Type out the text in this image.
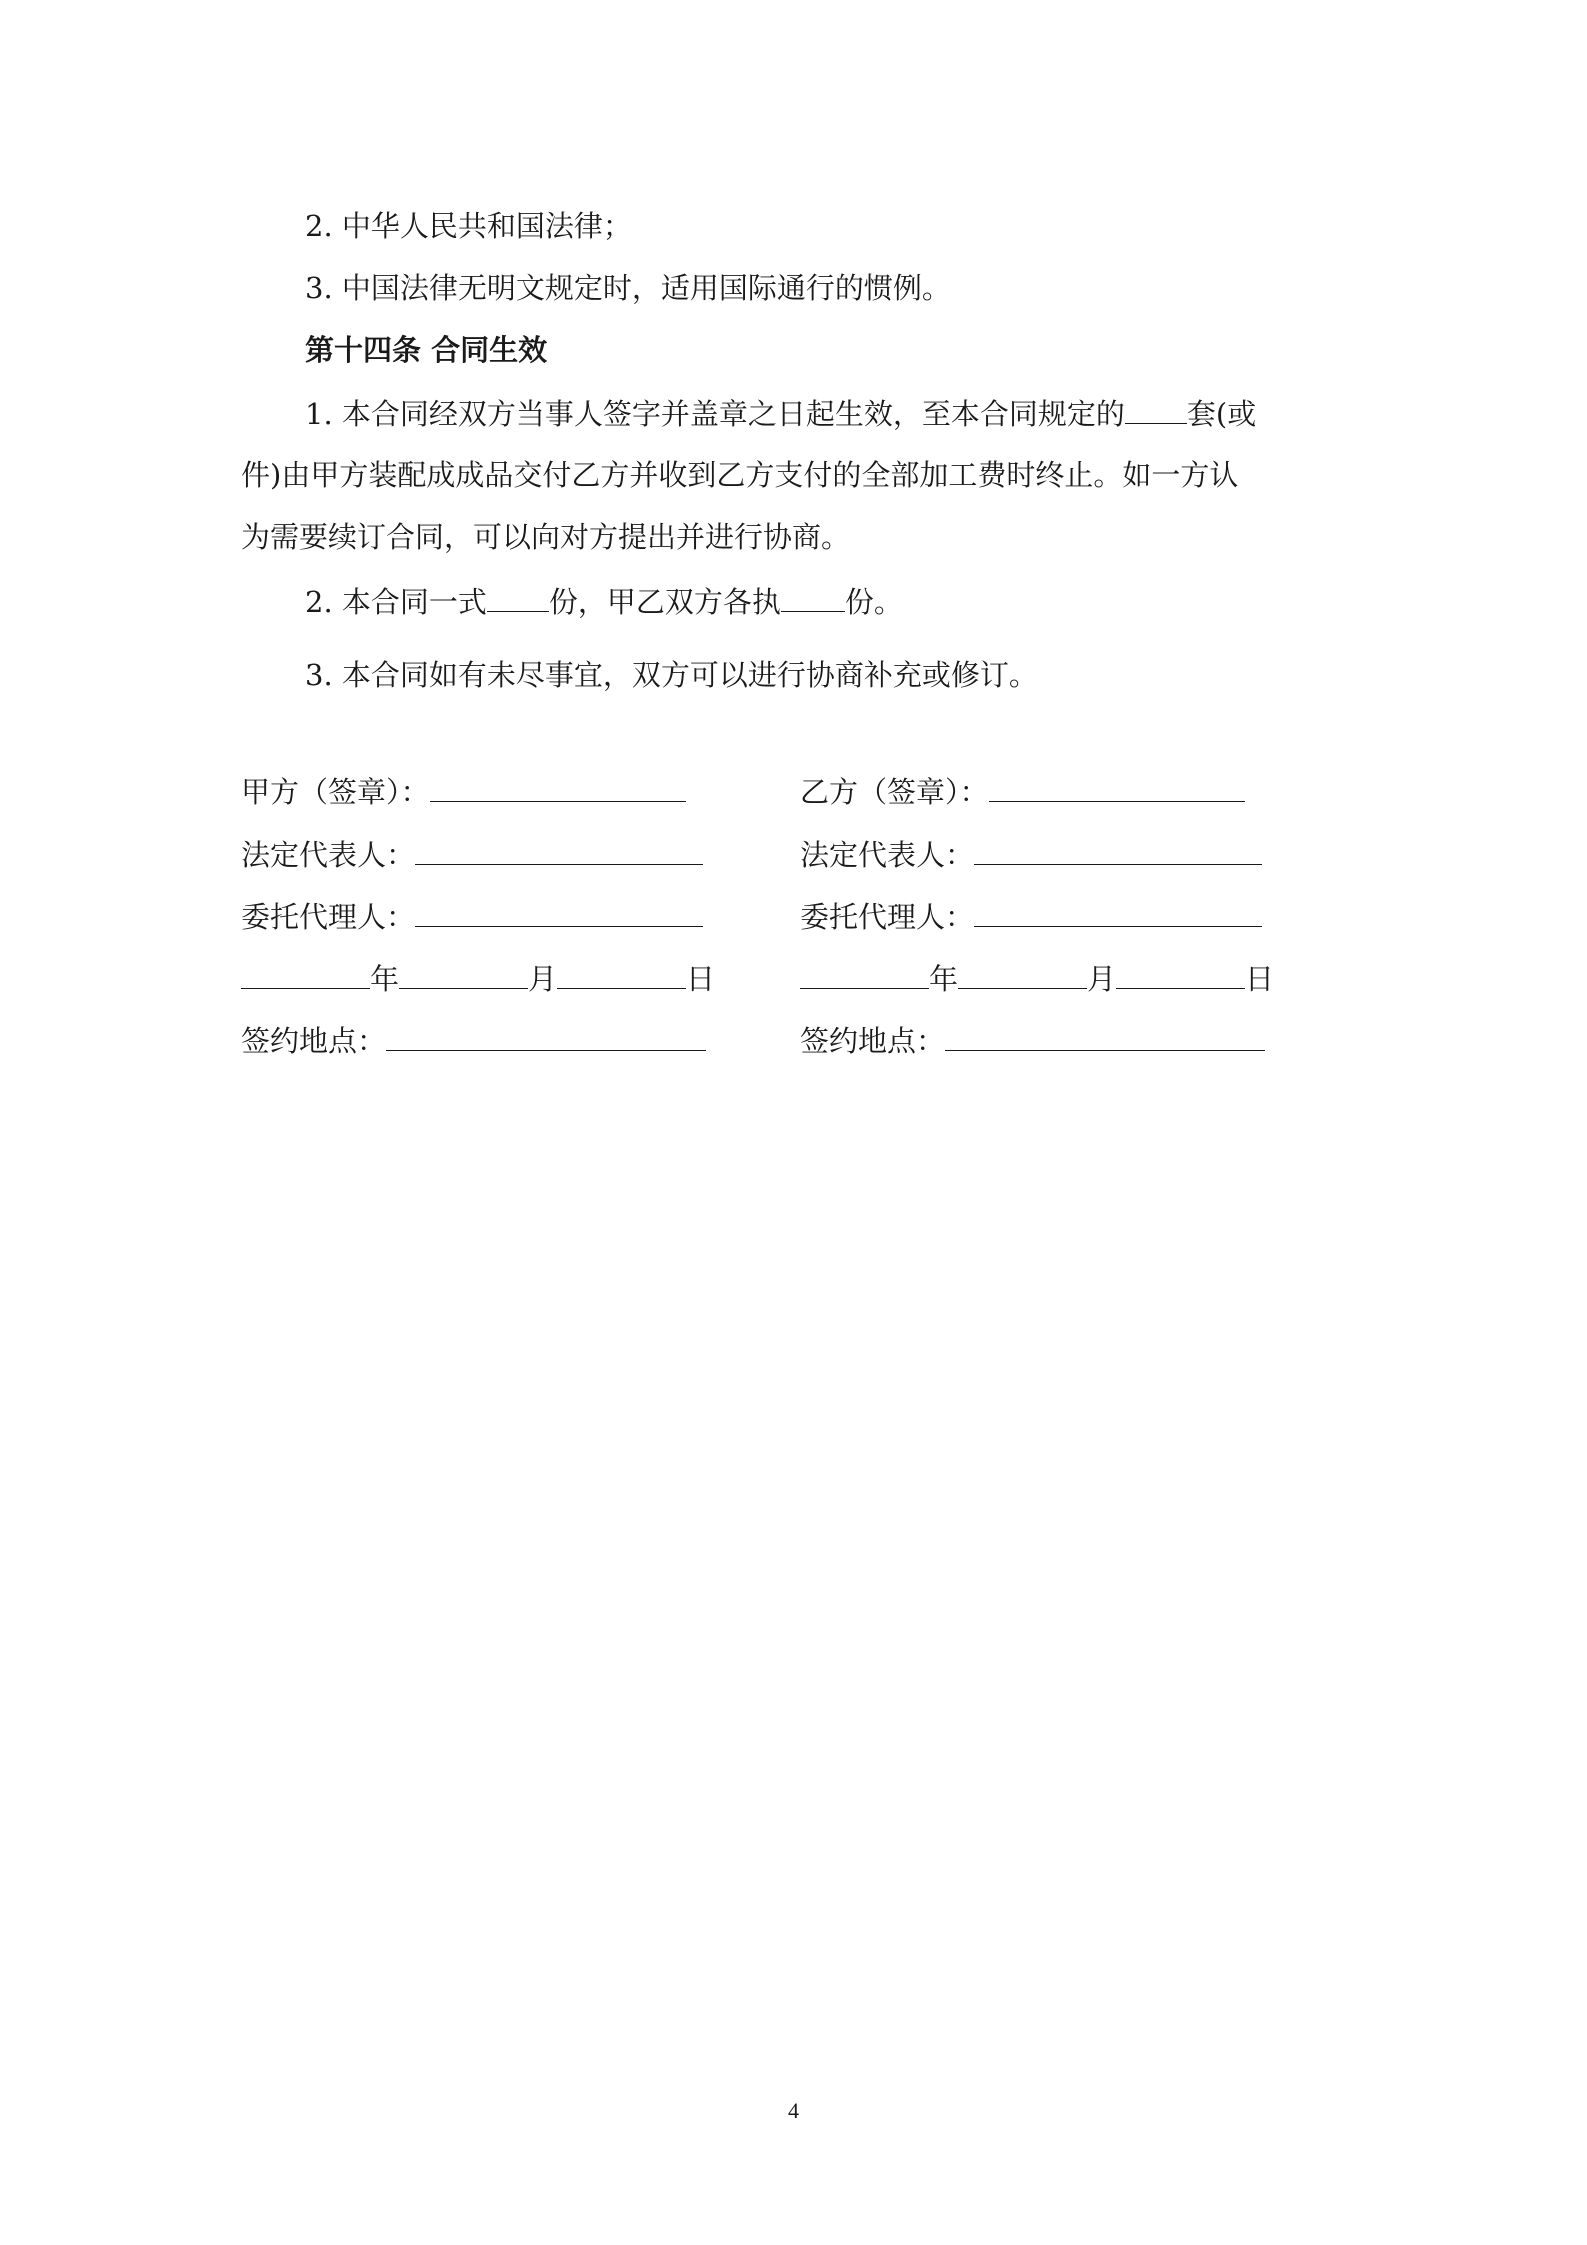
2. 中华人民共和国法律；
3. 中国法律无明文规定时，适用国际通行的惯例。
第十四条 合同生效
1. 本合同经双方当事人签字并盖章之日起生效，至本合同规定的 套(或
件)由甲方装配成成品交付乙方并收到乙方支付的全部加工费时终止。如一方认
为需要续订合同，可以向对方提出并进行协商。
2. 本合同一式 份，甲乙双方各执 份。
3. 本合同如有未尽事宜，双方可以进行协商补充或修订。
甲方（签章）：
法定代表人：
委托代理人：
年	月	日
签约地点：
乙方（签章）：
法定代表人：
委托代理人：
年	月	日
签约地点：
4
